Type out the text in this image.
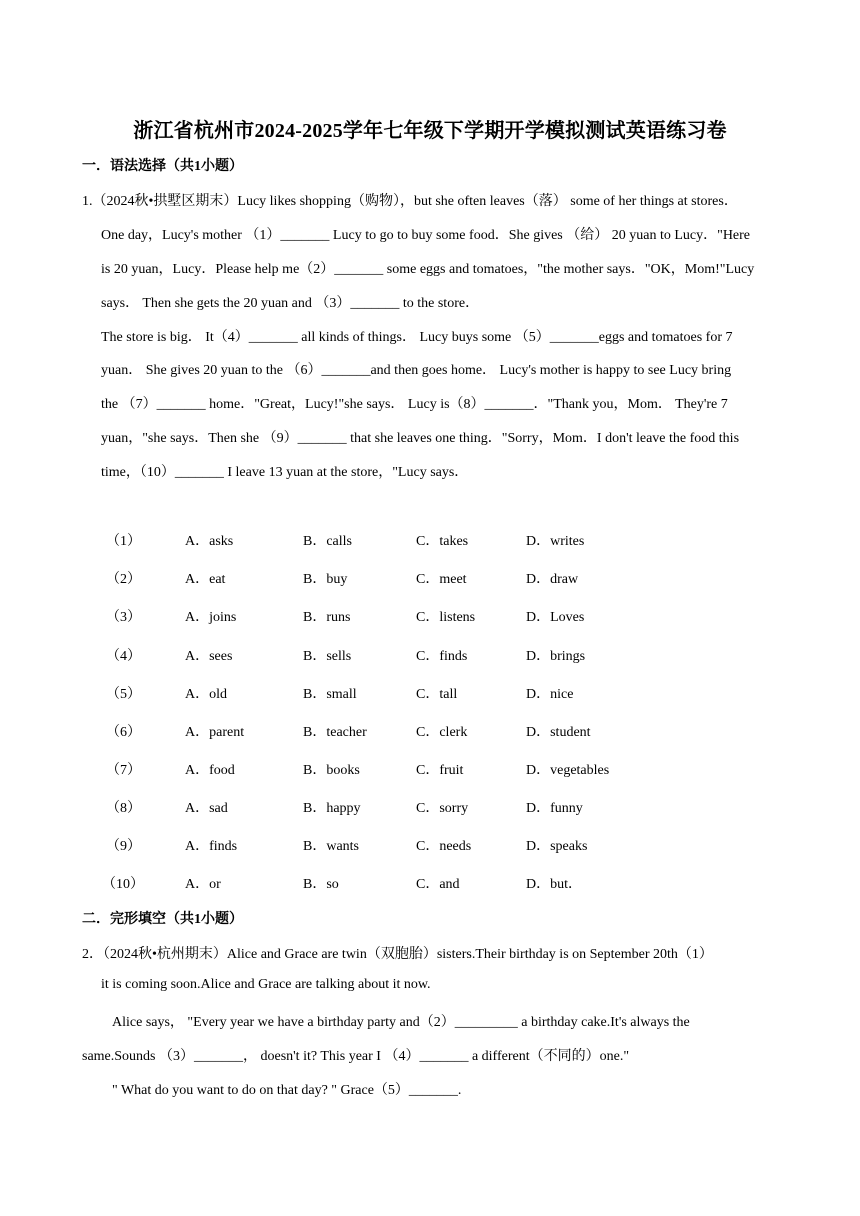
浙江省杭州市2024-2025学年七年级下学期开学模拟测试英语练习卷
一．语法选择（共1小题）
1.（2024秋•拱墅区期末）Lucy likes shopping（购物），but she often leaves（落） some of her things at stores．
One day，Lucy's mother （1）_______ Lucy to go to buy some food．She gives （给） 20 yuan to Lucy．"Here
is 20 yuan，Lucy．Please help me（2）_______ some eggs and tomatoes，"the mother says．"OK，Mom!"Lucy
says． Then she gets the 20 yuan and （3）_______ to the store．
The store is big． It（4）_______ all kinds of things． Lucy buys some （5）_______eggs and tomatoes for 7
yuan． She gives 20 yuan to the （6）_______and then goes home． Lucy's mother is happy to see Lucy bring
the （7）_______ home．"Great，Lucy!"she says． Lucy is（8）_______．"Thank you，Mom． They're 7
yuan，"she says．Then she （9）_______ that she leaves one thing．"Sorry，Mom．I don't leave the food this
time，（10）_______ I leave 13 yuan at the store，"Lucy says．
（1）	A．asks	B．calls	C．takes	D．writes
（2）	A．eat	B．buy	C．meet	D．draw
（3）	A．joins	B．runs	C．listens	D．Loves
（4）	A．sees	B．sells	C．finds	D．brings
（5）	A．old	B．small	C．tall	D．nice
（6）	A．parent	B．teacher	C．clerk	D．student
（7）	A．food	B．books	C．fruit	D．vegetables
（8）	A．sad	B．happy	C．sorry	D．funny
（9）	A．finds	B．wants	C．needs	D．speaks
（10）	A．or	B．so	C．and	D．but．
二．完形填空（共1小题）
2．（2024秋•杭州期末）Alice and Grace are twin（双胞胎）sisters.Their birthday is on September 20th（1）
it is coming soon.Alice and Grace are talking about it now.
Alice says， "Every year we have a birthday party and（2）_________ a birthday cake.It's always the
same.Sounds （3）_______， doesn't it? This year I （4）_______ a different（不同的）one."
" What do you want to do on that day? " Grace（5）_______.
